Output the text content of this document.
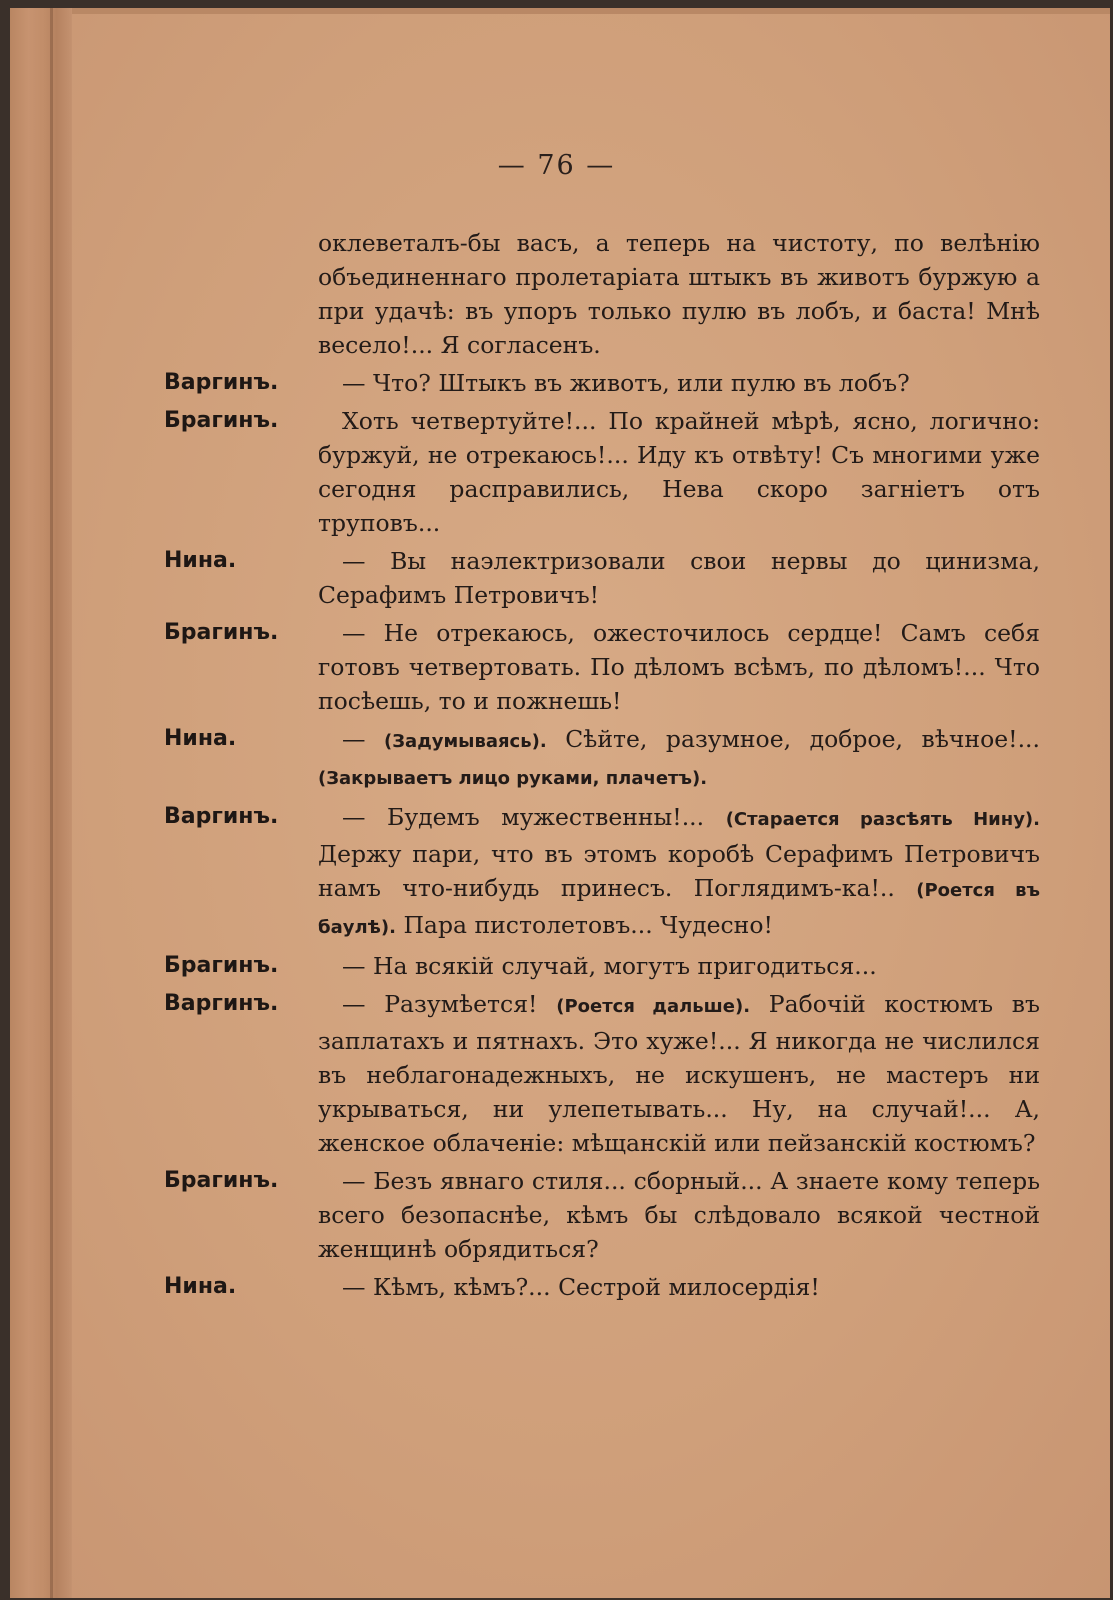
— 76 —
оклеветалъ-бы васъ, а теперь на чистоту, по велѣнію объединеннаго пролетаріата штыкъ въ животъ буржую а при удачѣ: въ упоръ только пулю въ лобъ, и баста! Мнѣ весело!... Я согласенъ.
Варгинъ.	— Что? Штыкъ въ животъ, или пулю въ лобъ?
Брагинъ.	Хоть четвертуйте!... По крайней мѣрѣ, ясно, логично: буржуй, не отрекаюсь!... Иду къ отвѣту! Съ многими уже сегодня расправились, Нева скоро загніетъ отъ труповъ...
Нина.	— Вы наэлектризовали свои нервы до цинизма, Серафимъ Петровичъ!
Брагинъ.	— Не отрекаюсь, ожесточилось сердце! Самъ себя готовъ четвертовать. По дѣломъ всѣмъ, по дѣломъ!... Что посѣешь, то и пожнешь!
Нина.	— (Задумываясь). Сѣйте, разумное, доброе, вѣчное!... (Закрываетъ лицо руками, плачетъ).
Варгинъ.	— Будемъ мужественны!... (Старается разсѣять Нину). Держу пари, что въ этомъ коробѣ Серафимъ Петровичъ намъ что-нибудь принесъ. Поглядимъ-ка!.. (Роется въ баулѣ). Пара пистолетовъ... Чудесно!
Брагинъ.	— На всякій случай, могутъ пригодиться...
Варгинъ.	— Разумѣется! (Роется дальше). Рабочій костюмъ въ заплатахъ и пятнахъ. Это хуже!... Я никогда не числился въ неблагонадежныхъ, не искушенъ, не мастеръ ни укрываться, ни улепетывать... Ну, на случай!... А, женское облаченіе: мѣщанскій или пейзанскій костюмъ?
Брагинъ.	— Безъ явнаго стиля... сборный... А знаете кому теперь всего безопаснѣе, кѣмъ бы слѣдовало всякой честной женщинѣ обрядиться?
Нина.	— Кѣмъ, кѣмъ?... Сестрой милосердія!
